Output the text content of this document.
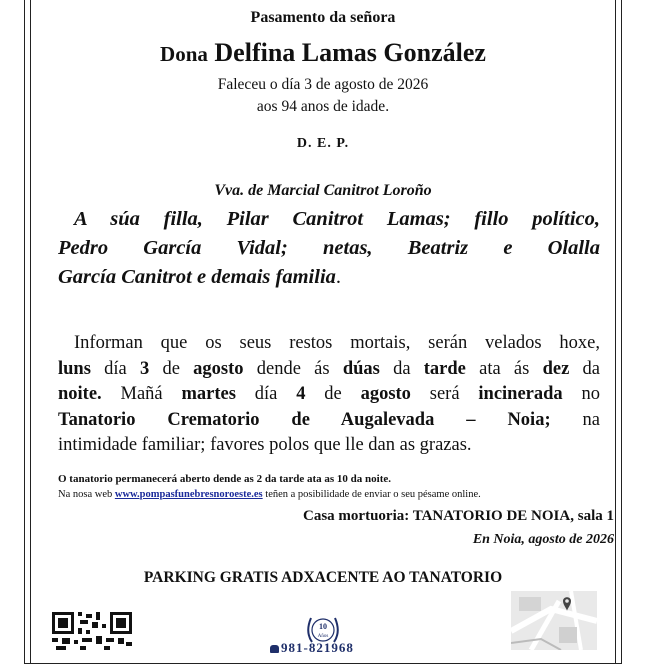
Pasamento da señora
Dona Delfina Lamas González
Faleceu o día 3 de agosto de 2026
aos 94 anos de idade.
D. E. P.
Vva. de Marcial Canitrot Loroño
A súa filla, Pilar Canitrot Lamas; fillo político,
Pedro García Vidal; netas, Beatriz e Olalla
García Canitrot e demais familia.
Informan que os seus restos mortais, serán velados hoxe,
luns día 3 de agosto dende ás dúas da tarde ata ás dez da
noite. Mañá martes día 4 de agosto será incinerada no
Tanatorio Crematorio de Augalevada – Noia; na
intimidade familiar; favores polos que lle dan as grazas.
O tanatorio permanecerá aberto dende as 2 da tarde ata as 10 da noite.
Na nosa web www.pompasfunebresnoroeste.es teñen a posibilidade de enviar o seu pésame online.
Casa mortuoria: TANATORIO DE NOIA, sala 1
En Noia, agosto de 2026
PARKING GRATIS ADXACENTE AO TANATORIO
10
Años
981-821968
